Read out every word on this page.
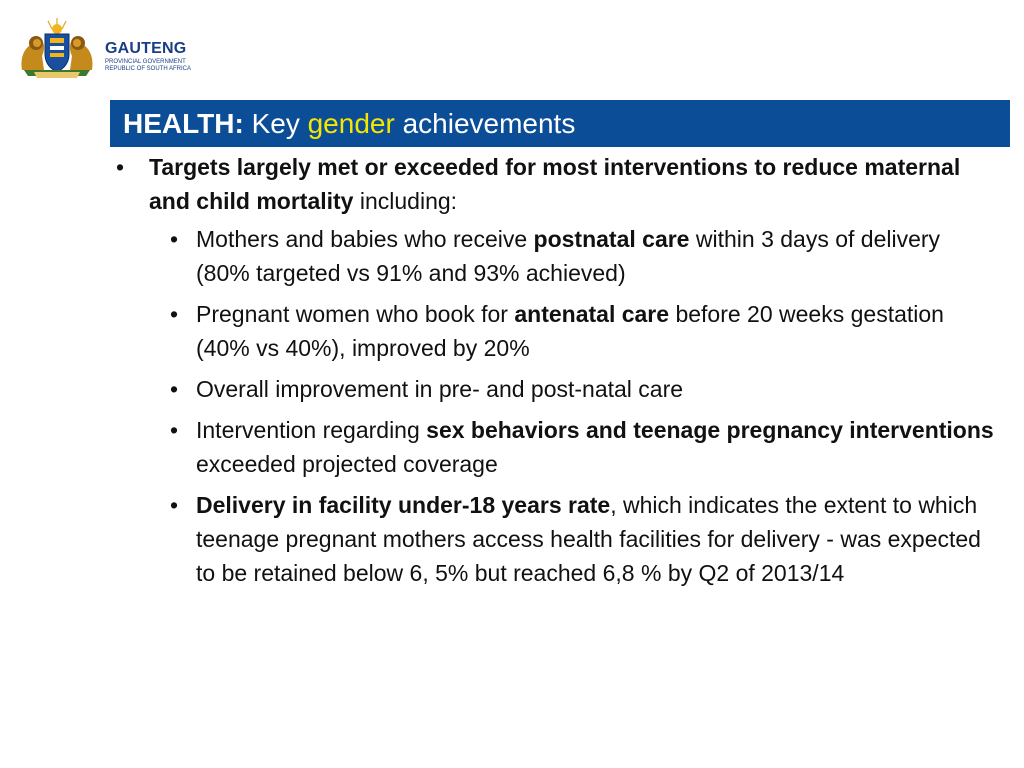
GAUTENG
PROVINCIAL GOVERNMENT
REPUBLIC OF SOUTH AFRICA
HEALTH:
Key
gender
achievements
•	Targets largely met or exceeded for most interventions to reduce maternal and child mortality including:
• Mothers and babies who receive postnatal care within 3 days of delivery (80% targeted vs 91% and 93% achieved)
• Pregnant women who book for antenatal care before 20 weeks gestation (40% vs 40%), improved by 20%
• Overall improvement in pre- and post-natal care
• Intervention regarding sex behaviors and teenage pregnancy interventions exceeded projected coverage
• Delivery in facility under-18 years rate, which indicates the extent to which teenage pregnant mothers access health facilities for delivery - was expected to be retained below 6, 5% but reached 6,8 % by Q2 of 2013/14
